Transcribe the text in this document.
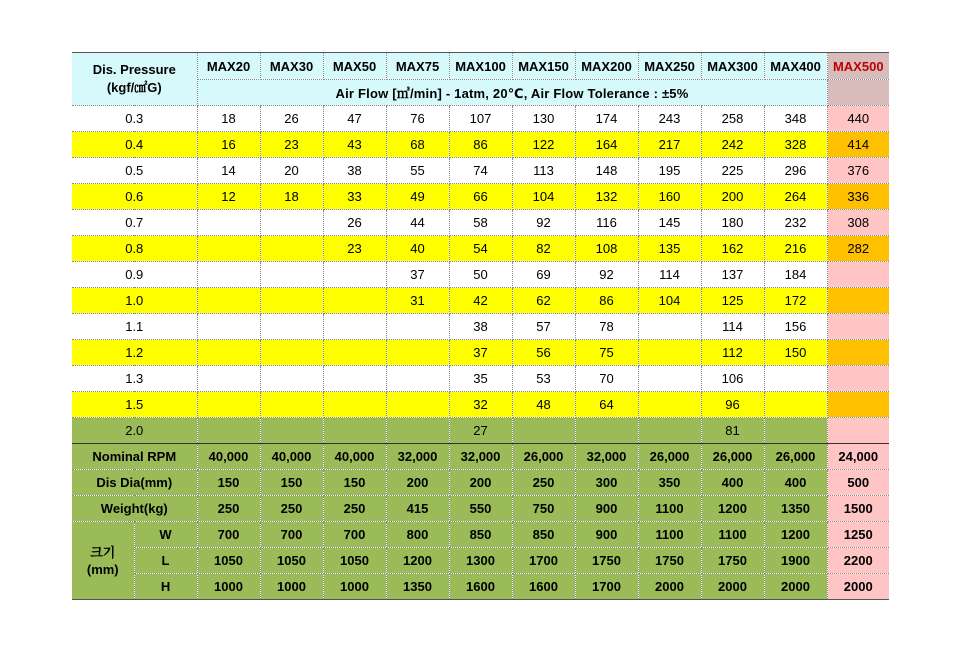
Dis. Pressure
(kgf/㎠G)		MAX20	MAX30	MAX50	MAX75	MAX100	MAX150	MAX200	MAX250	MAX300	MAX400	MAX500
		Air Flow [㎥/min] - 1atm, 20℃, Air Flow Tolerance : ±5%										
0.3		18	26	47	76	107	130	174	243	258	348	440
0.4		16	23	43	68	86	122	164	217	242	328	414
0.5		14	20	38	55	74	113	148	195	225	296	376
0.6		12	18	33	49	66	104	132	160	200	264	336
0.7				26	44	58	92	116	145	180	232	308
0.8				23	40	54	82	108	135	162	216	282
0.9					37	50	69	92	114	137	184	
1.0					31	42	62	86	104	125	172	
1.1						38	57	78		114	156	
1.2						37	56	75		112	150	
1.3						35	53	70		106		
1.5						32	48	64		96		
2.0						27				81		
Nominal RPM		40,000	40,000	40,000	32,000	32,000	26,000	32,000	26,000	26,000	26,000	24,000
Dis Dia(mm)		150	150	150	200	200	250	300	350	400	400	500
Weight(kg)		250	250	250	415	550	750	900	1100	1200	1350	1500

크기
(mm)	W	700	700	700	800	850	850	900	1100	1100	1200	1250
	L	1050	1050	1050	1200	1300	1700	1750	1750	1750	1900	2200
	H	1000	1000	1000	1350	1600	1600	1700	2000	2000	2000	2000
